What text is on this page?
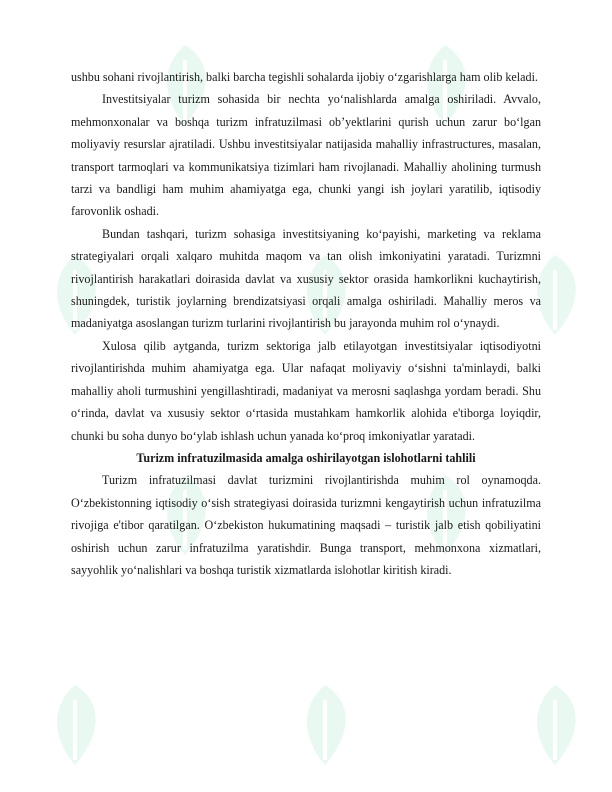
ushbu sohani rivojlantirish, balki barcha tegishli sohalarda ijobiy o‘zgarishlarga ham olib keladi.

Investitsiyalar turizm sohasida bir nechta yo‘nalishlarda amalga oshiriladi. Avvalo, mehmonxonalar va boshqa turizm infratuzilmasi ob’yektlarini qurish uchun zarur bo‘lgan moliyaviy resurslar ajratiladi. Ushbu investitsiyalar natijasida mahalliy infrastructures, masalan, transport tarmoqlari va kommunikatsiya tizimlari ham rivojlanadi. Mahalliy aholining turmush tarzi va bandligi ham muhim ahamiyatga ega, chunki yangi ish joylari yaratilib, iqtisodiy farovonlik oshadi.

Bundan tashqari, turizm sohasiga investitsiyaning ko‘payishi, marketing va reklama strategiyalari orqali xalqaro muhitda maqom va tan olish imkoniyatini yaratadi. Turizmni rivojlantirish harakatlari doirasida davlat va xususiy sektor orasida hamkorlikni kuchaytirish, shuningdek, turistik joylarning brendizatsiyasi orqali amalga oshiriladi. Mahalliy meros va madaniyatga asoslangan turizm turlarini rivojlantirish bu jarayonda muhim rol o‘ynaydi.

Xulosa qilib aytganda, turizm sektoriga jalb etilayotgan investitsiyalar iqtisodiyotni rivojlantirishda muhim ahamiyatga ega. Ular nafaqat moliyaviy o‘sishni ta'minlaydi, balki mahalliy aholi turmushini yengillashtiradi, madaniyat va merosni saqlashga yordam beradi. Shu o‘rinda, davlat va xususiy sektor o‘rtasida mustahkam hamkorlik alohida e'tiborga loyiqdir, chunki bu soha dunyo bo‘ylab ishlash uchun yanada ko‘proq imkoniyatlar yaratadi.

Turizm infratuzilmasida amalga oshirilayotgan islohotlarni tahlili

Turizm infratuzilmasi davlat turizmini rivojlantirishda muhim rol oynamoqda. O‘zbekistonning iqtisodiy o‘sish strategiyasi doirasida turizmni kengaytirish uchun infratuzilma rivojiga e'tibor qaratilgan. O‘zbekiston hukumatining maqsadi – turistik jalb etish qobiliyatini oshirish uchun zarur infratuzilma yaratishdir. Bunga transport, mehmonxona xizmatlari, sayyohlik yo‘nalishlari va boshqa turistik xizmatlarda islohotlar kiritish kiradi.
